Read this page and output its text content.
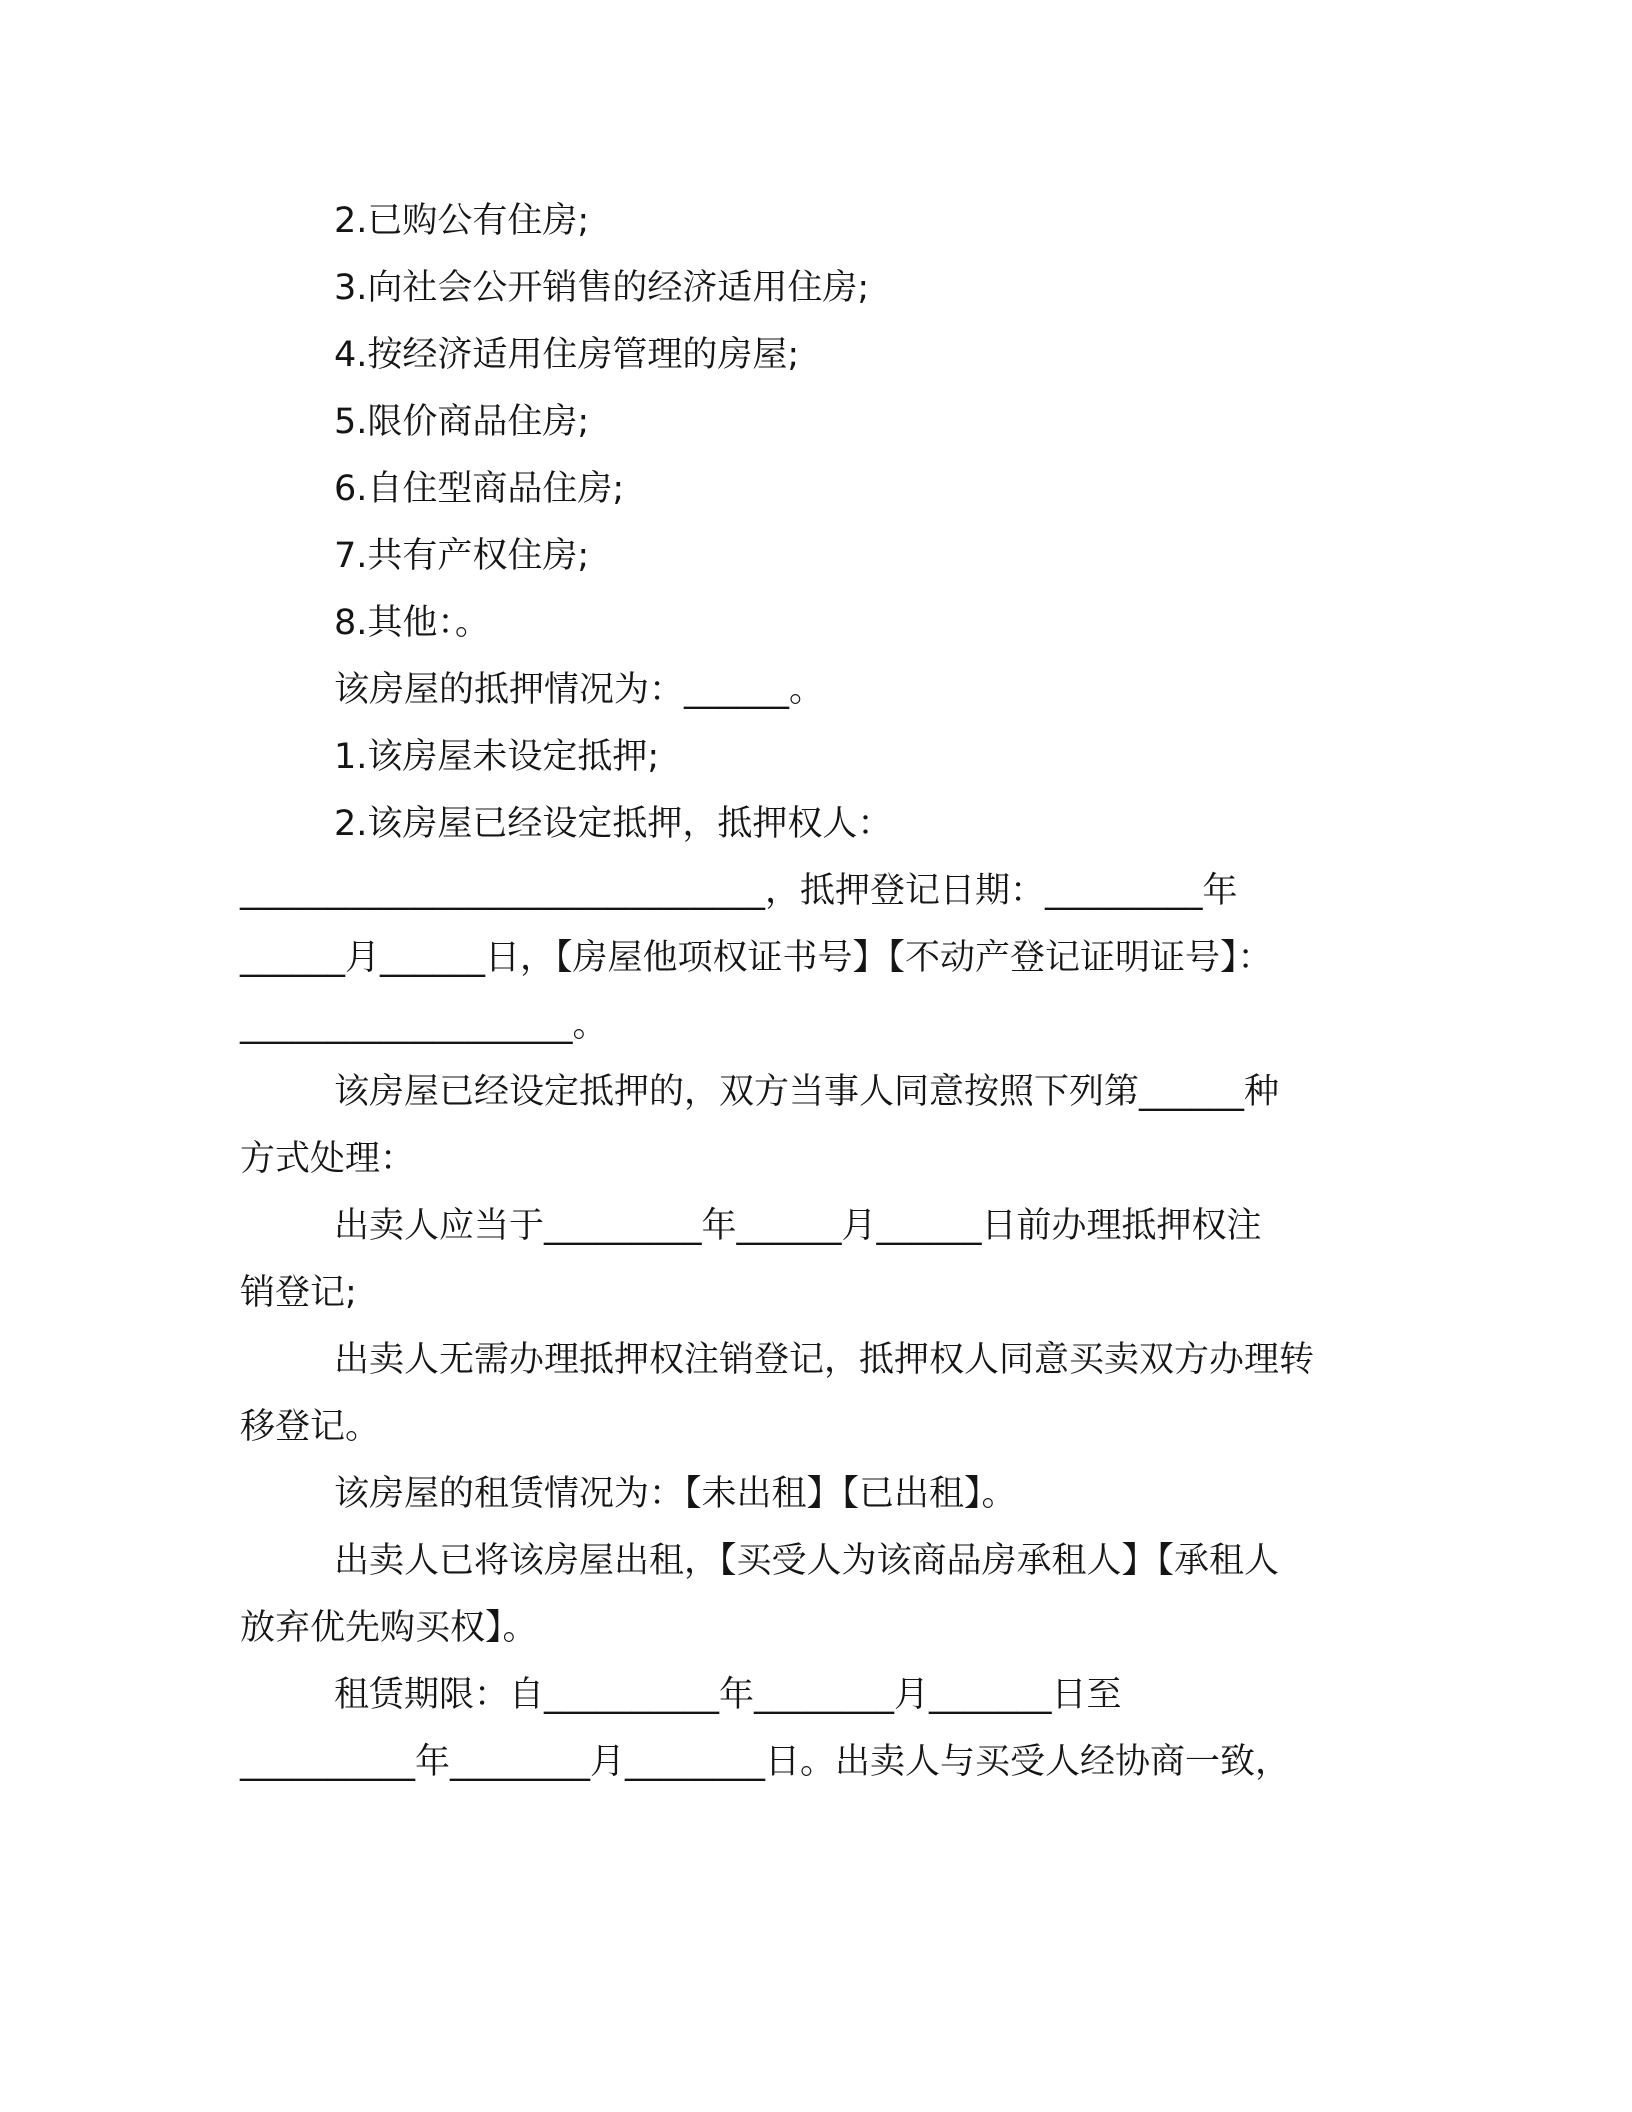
2.已购公有住房;
3.向社会公开销售的经济适用住房;
4.按经济适用住房管理的房屋;
5.限价商品住房;
6.自住型商品住房;
7.共有产权住房;
8.其他：。
该房屋的抵押情况为：______。
1.该房屋未设定抵押;
2.该房屋已经设定抵押，抵押权人：
______________________________，抵押登记日期：_________年
______月______日，【房屋他项权证书号】【不动产登记证明证号】：
___________________。
该房屋已经设定抵押的，双方当事人同意按照下列第______种
方式处理：
出卖人应当于_________年______月______日前办理抵押权注
销登记;
出卖人无需办理抵押权注销登记，抵押权人同意买卖双方办理转
移登记。
该房屋的租赁情况为：【未出租】【已出租】。
出卖人已将该房屋出租，【买受人为该商品房承租人】【承租人
放弃优先购买权】。
租赁期限：自__________年________月_______日至
__________年________月________日。出卖人与买受人经协商一致，
